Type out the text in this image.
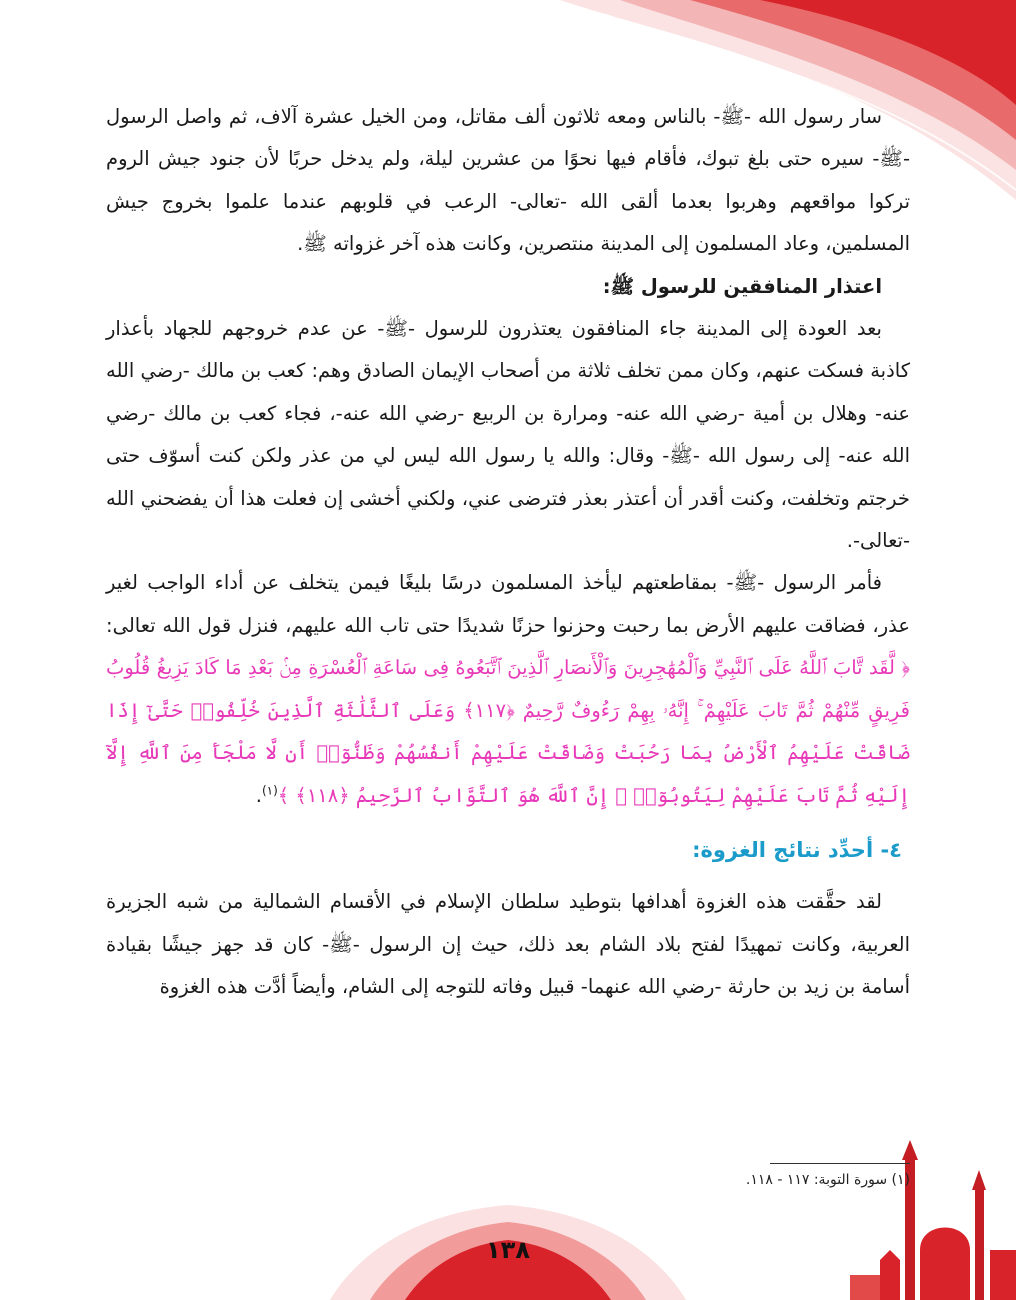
سار رسول الله -ﷺ- بالناس ومعه ثلاثون ألف مقاتل، ومن الخيل عشرة آلاف، ثم واصل الرسول -ﷺ- سيره حتى بلغ تبوك، فأقام فيها نحوًا من عشرين ليلة، ولم يدخل حربًا لأن جنود جيش الروم تركوا مواقعهم وهربوا بعدما ألقى الله -تعالى- الرعب في قلوبهم عندما علموا بخروج جيش المسلمين، وعاد المسلمون إلى المدينة منتصرين، وكانت هذه آخر غزواته ﷺ.

اعتذار المنافقين للرسول ﷺ:

بعد العودة إلى المدينة جاء المنافقون يعتذرون للرسول -ﷺ- عن عدم خروجهم للجهاد بأعذار كاذبة فسكت عنهم، وكان ممن تخلف ثلاثة من أصحاب الإيمان الصادق وهم: كعب بن مالك -رضي الله عنه- وهلال بن أمية -رضي الله عنه- ومرارة بن الربيع -رضي الله عنه-، فجاء كعب بن مالك -رضي الله عنه- إلى رسول الله -ﷺ- وقال: والله يا رسول الله ليس لي من عذر ولكن كنت أسوّف حتى خرجتم وتخلفت، وكنت أقدر أن أعتذر بعذر فترضى عني، ولكني أخشى إن فعلت هذا أن يفضحني الله -تعالى-.

فأمر الرسول -ﷺ- بمقاطعتهم ليأخذ المسلمون درسًا بليغًا فيمن يتخلف عن أداء الواجب لغير عذر، فضاقت عليهم الأرض بما رحبت وحزنوا حزنًا شديدًا حتى تاب الله عليهم، فنزل قول الله تعالى: ﴿ لَّقَد تَّابَ ٱللَّهُ عَلَى ٱلنَّبِيِّ وَٱلْمُهَٰجِرِينَ وَٱلْأَنصَارِ ٱلَّذِينَ ٱتَّبَعُوهُ فِى سَاعَةِ ٱلْعُسْرَةِ مِنۢ بَعْدِ مَا كَادَ يَزِيغُ قُلُوبُ فَرِيقٍ مِّنْهُمْ ثُمَّ تَابَ عَلَيْهِمْ ۚ إِنَّهُۥ بِهِمْ رَءُوفٌ رَّحِيمٌ ﴿١١٧﴾ وَعَلَى ٱلثَّلَٰثَةِ ٱلَّذِينَ خُلِّفُوا۟ حَتَّىٰٓ إِذَا ضَاقَتْ عَلَيْهِمُ ٱلْأَرْضُ بِمَا رَحُبَتْ وَضَاقَتْ عَلَيْهِمْ أَنفُسُهُمْ وَظَنُّوٓا۟ أَن لَّا مَلْجَأَ مِنَ ٱللَّهِ إِلَّآ إِلَيْهِ ثُمَّ تَابَ عَلَيْهِمْ لِيَتُوبُوٓا۟ ۚ إِنَّ ٱللَّهَ هُوَ ٱلتَّوَّابُ ٱلرَّحِيمُ ﴿١١٨﴾ ﴾$^{(١)}$.

٤- أحدِّد نتائج الغزوة:

لقد حقَّقت هذه الغزوة أهدافها بتوطيد سلطان الإسلام في الأقسام الشمالية من شبه الجزيرة العربية، وكانت تمهيدًا لفتح بلاد الشام بعد ذلك، حيث إن الرسول -ﷺ- كان قد جهز جيشًا بقيادة أسامة بن زيد بن حارثة -رضي الله عنهما- قبيل وفاته للتوجه إلى الشام، وأيضاً أدَّت هذه الغزوة

(١) سورة التوبة: ١١٧ - ١١٨.
١٣٨
